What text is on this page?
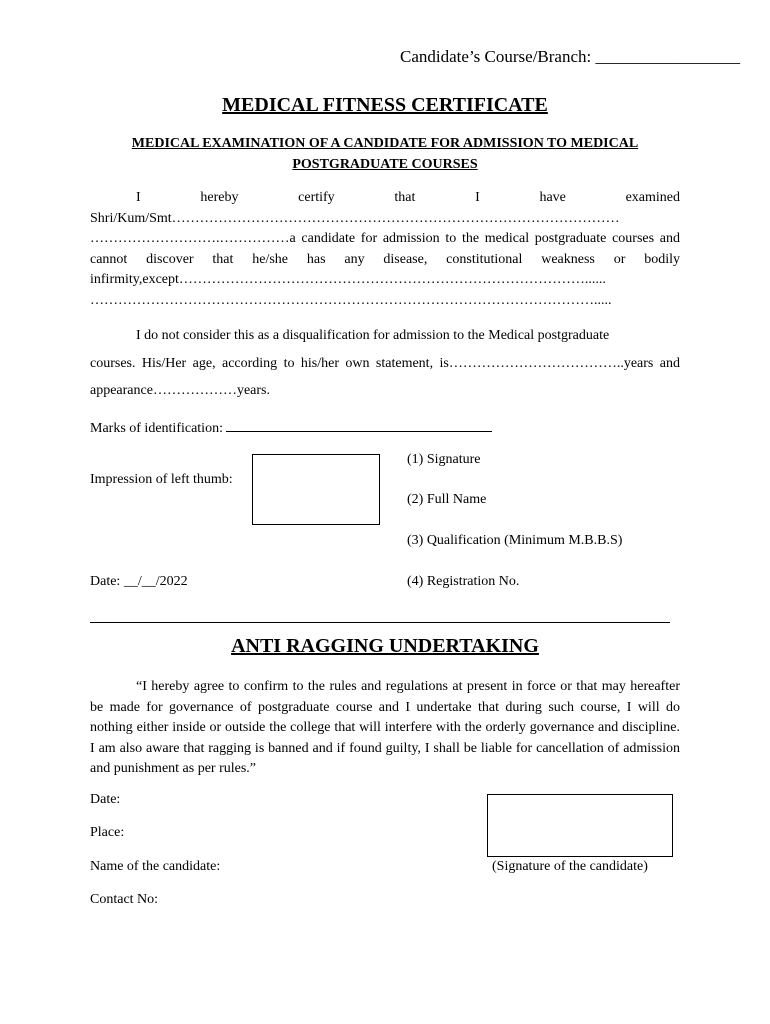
Candidate’s Course/Branch: _________________
MEDICAL FITNESS CERTIFICATE
MEDICAL EXAMINATION OF A CANDIDATE FOR ADMISSION TO MEDICAL POSTGRADUATE COURSES
I hereby certify that I have examined
Shri/Kum/Smt…………………………………………………………………………………… ……………………….……………a candidate for admission to the medical postgraduate courses and cannot discover that he/she has any disease, constitutional weakness or bodily infirmity,except……………………………………………………………………………...... ……………………………………………………………………………………………….....
I do not consider this as a disqualification for admission to the Medical postgraduate
courses. His/Her age, according to his/her own statement, is………………………………..years and appearance………………years.
Marks of identification:
Impression of left thumb:
(1) Signature
(2) Full Name
(3) Qualification (Minimum M.B.B.S)
(4) Registration No.
Date: __/__/2022
ANTI RAGGING UNDERTAKING
“I hereby agree to confirm to the rules and regulations at present in force or that may hereafter be made for governance of postgraduate course and I undertake that during such course, I will do nothing either inside or outside the college that will interfere with the orderly governance and discipline. I am also aware that ragging is banned and if found guilty, I shall be liable for cancellation of admission and punishment as per rules.”
Date:
Place:
Name of the candidate:
Contact No:
(Signature of the candidate)
